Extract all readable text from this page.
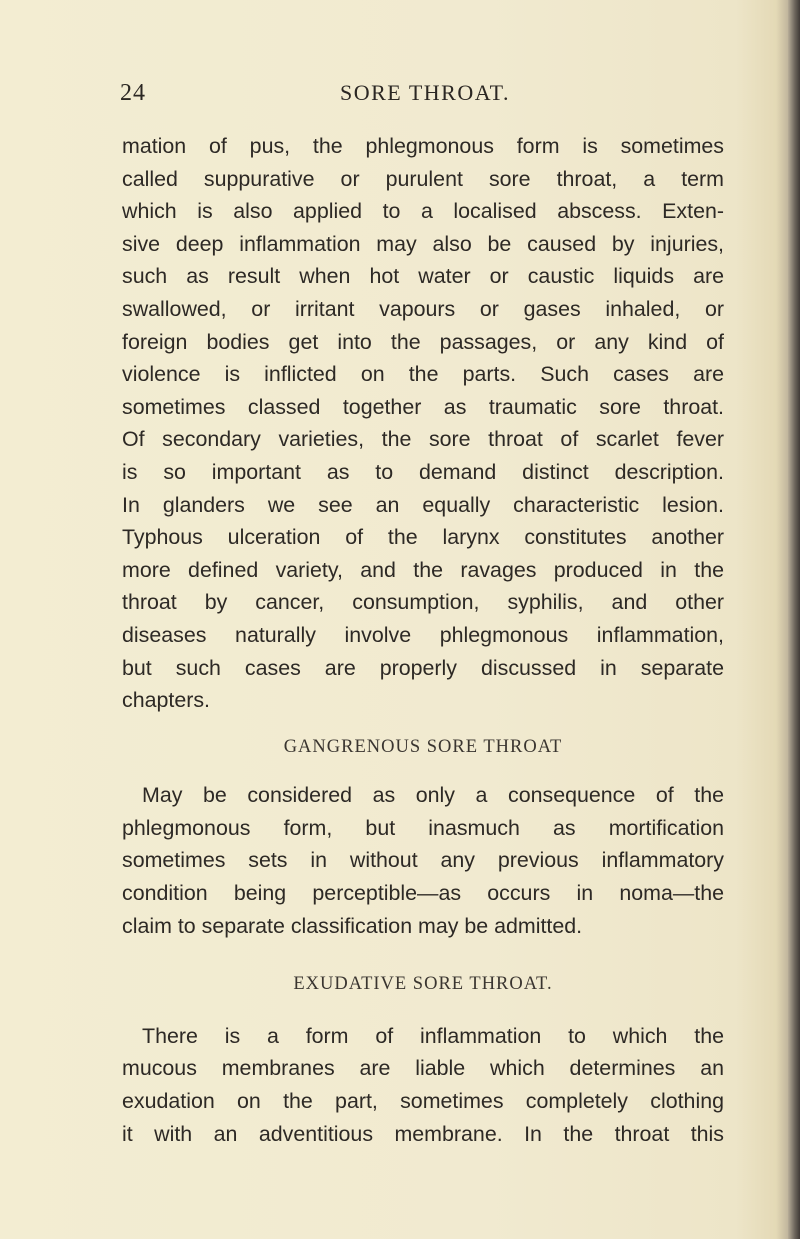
24	SORE THROAT.
mation of pus, the phlegmonous form is sometimes
called suppurative or purulent sore throat, a term
which is also applied to a localised abscess. Exten-
sive deep inflammation may also be caused by injuries,
such as result when hot water or caustic liquids are
swallowed, or irritant vapours or gases inhaled, or
foreign bodies get into the passages, or any kind of
violence is inflicted on the parts. Such cases are
sometimes classed together as traumatic sore throat.
Of secondary varieties, the sore throat of scarlet fever
is so important as to demand distinct description.
In glanders we see an equally characteristic lesion.
Typhous ulceration of the larynx constitutes another
more defined variety, and the ravages produced in the
throat by cancer, consumption, syphilis, and other
diseases naturally involve phlegmonous inflammation,
but such cases are properly discussed in separate
chapters.
GANGRENOUS SORE THROAT
May be considered as only a consequence of the
phlegmonous form, but inasmuch as mortification
sometimes sets in without any previous inflammatory
condition being perceptible—as occurs in noma—the
claim to separate classification may be admitted.
EXUDATIVE SORE THROAT.
There is a form of inflammation to which the
mucous membranes are liable which determines an
exudation on the part, sometimes completely clothing
it with an adventitious membrane. In the throat this
